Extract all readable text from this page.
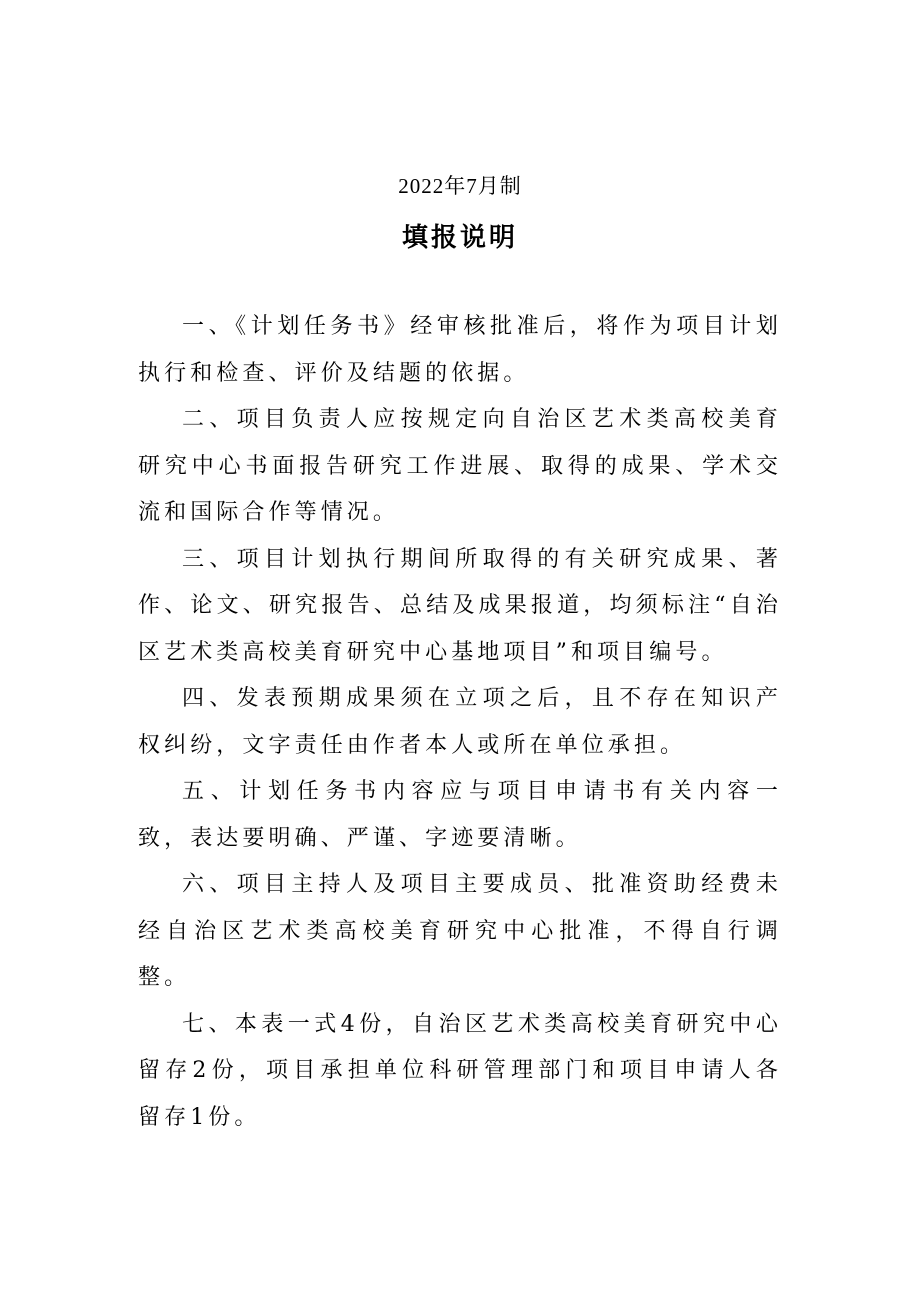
2022年7月制
填报说明

一、《计划任务书》经审核批准后，将作为项目计划执行和检查、评价及结题的依据。

二、项目负责人应按规定向自治区艺术类高校美育研究中心书面报告研究工作进展、取得的成果、学术交流和国际合作等情况。

三、项目计划执行期间所取得的有关研究成果、著作、论文、研究报告、总结及成果报道，均须标注“自治区艺术类高校美育研究中心基地项目”和项目编号。

四、发表预期成果须在立项之后，且不存在知识产权纠纷，文字责任由作者本人或所在单位承担。

五、计划任务书内容应与项目申请书有关内容一致，表达要明确、严谨、字迹要清晰。

六、项目主持人及项目主要成员、批准资助经费未经自治区艺术类高校美育研究中心批准，不得自行调整。

七、本表一式4份，自治区艺术类高校美育研究中心留存2份，项目承担单位科研管理部门和项目申请人各留存1份。
